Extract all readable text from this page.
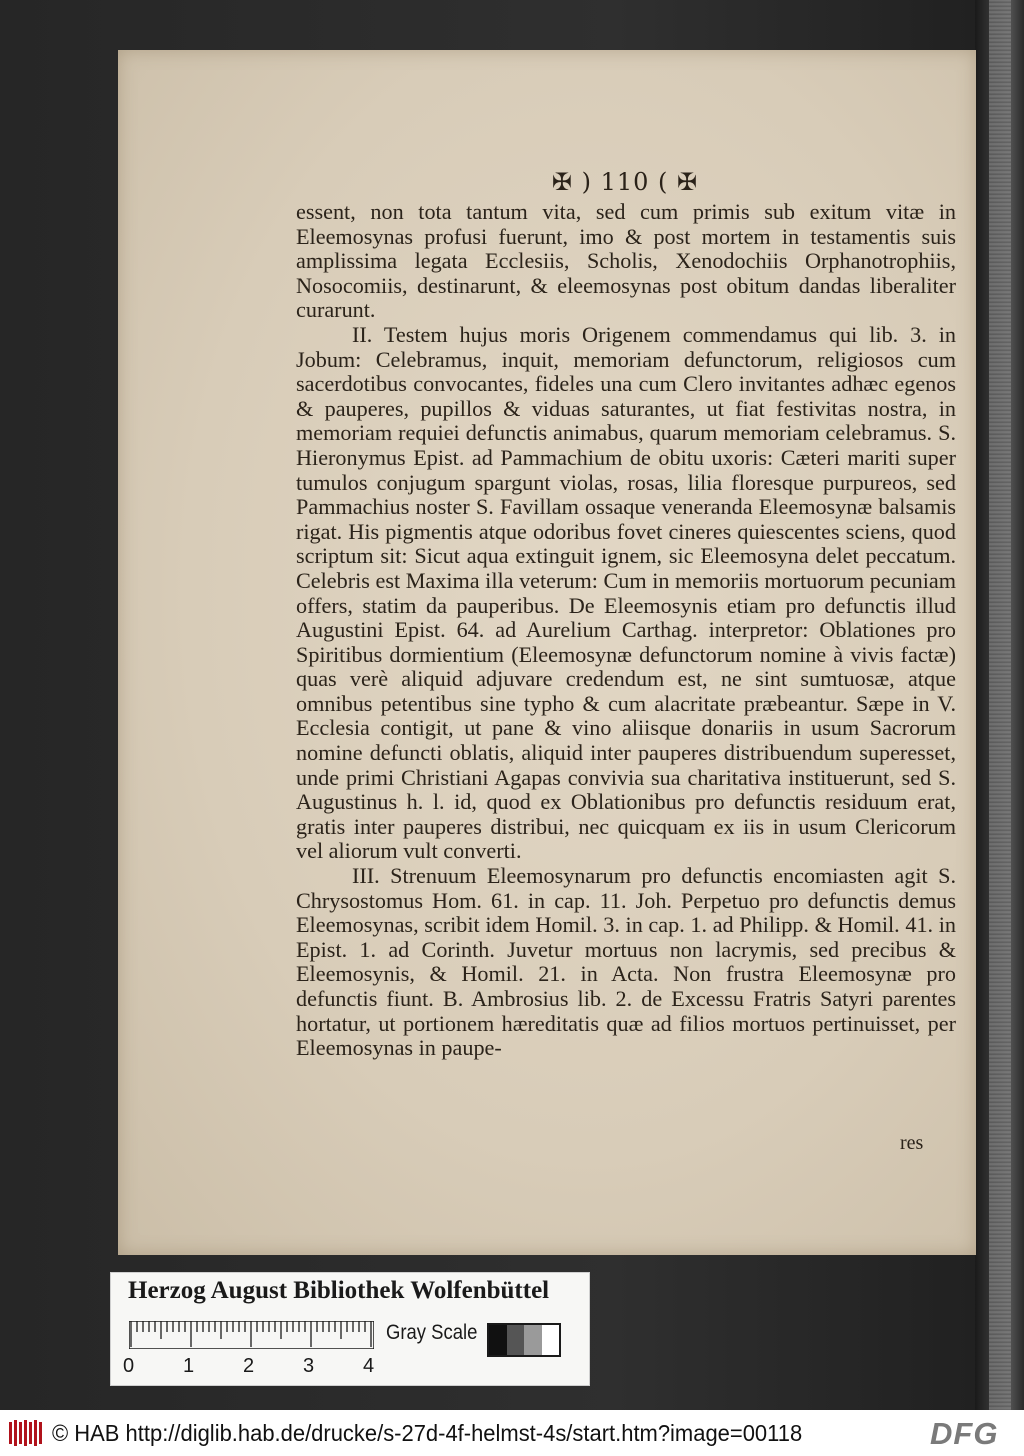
✠ ) 110 ( ✠

essent, non tota tantum vita, sed cum primis sub exitum vitæ in Eleemosynas profusi fuerunt, imo & post mortem in testamentis suis amplissima legata Ecclesiis, Scholis, Xenodochiis Orphanotrophiis, Nosocomiis, destinarunt, & eleemosynas post obitum dandas liberaliter curarunt.

II. Testem hujus moris Origenem commendamus qui lib. 3. in Jobum: Celebramus, inquit, memoriam defunctorum, religiosos cum sacerdotibus convocantes, fideles una cum Clero invitantes adhæc egenos & pauperes, pupillos & viduas saturantes, ut fiat festivitas nostra, in memoriam requiei defunctis animabus, quarum memoriam celebramus. S. Hieronymus Epist. ad Pammachium de obitu uxoris: Cæteri mariti super tumulos conjugum spargunt violas, rosas, lilia floresque purpureos, sed Pammachius noster S. Favillam ossaque veneranda Eleemosynæ balsamis rigat. His pigmentis atque odoribus fovet cineres quiescentes sciens, quod scriptum sit: Sicut aqua extinguit ignem, sic Eleemosyna delet peccatum. Celebris est Maxima illa veterum: Cum in memoriis mortuorum pecuniam offers, statim da pauperibus. De Eleemosynis etiam pro defunctis illud Augustini Epist. 64. ad Aurelium Carthag. interpretor: Oblationes pro Spiritibus dormientium (Eleemosynæ defunctorum nomine à vivis factæ) quas verè aliquid adjuvare credendum est, ne sint sumtuosæ, atque omnibus petentibus sine typho & cum alacritate præbeantur. Sæpe in V. Ecclesia contigit, ut pane & vino aliisque donariis in usum Sacrorum nomine defuncti oblatis, aliquid inter pauperes distribuendum superesset, unde primi Christiani Agapas convivia sua charitativa instituerunt, sed S. Augustinus h. l. id, quod ex Oblationibus pro defunctis residuum erat, gratis inter pauperes distribui, nec quicquam ex iis in usum Clericorum vel aliorum vult converti.

III. Strenuum Eleemosynarum pro defunctis encomiasten agit S. Chrysostomus Hom. 61. in cap. 11. Joh. Perpetuo pro defunctis demus Eleemosynas, scribit idem Homil. 3. in cap. 1. ad Philipp. & Homil. 41. in Epist. 1. ad Corinth. Juvetur mortuus non lacrymis, sed precibus & Eleemosynis, & Homil. 21. in Acta. Non frustra Eleemosynæ pro defunctis fiunt. B. Ambrosius lib. 2. de Excessu Fratris Satyri parentes hortatur, ut portionem hæreditatis quæ ad filios mortuos pertinuisset, per Eleemosynas in paupe-

res
Herzog August Bibliothek Wolfenbüttel
0 1 2 3 4
Gray Scale
© HAB http://diglib.hab.de/drucke/s-27d-4f-helmst-4s/start.htm?image=00118	DFG
